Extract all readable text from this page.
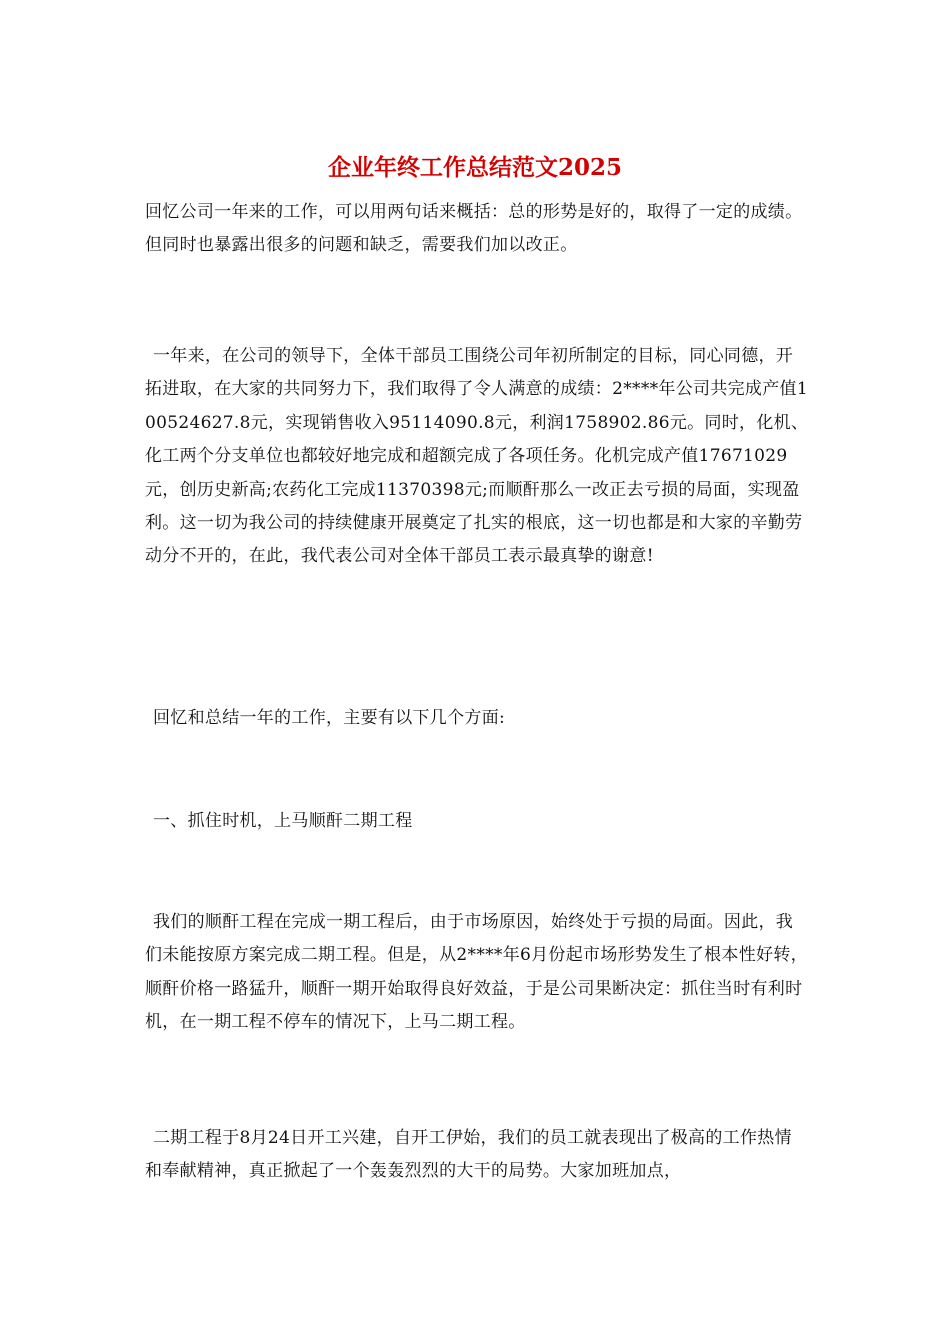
企业年终工作总结范文2025

回忆公司一年来的工作，可以用两句话来概括：总的形势是好的，取得了一定的成绩。但同时也暴露出很多的问题和缺乏，需要我们加以改正。

一年来，在公司的领导下，全体干部员工围绕公司年初所制定的目标，同心同德，开拓进取，在大家的共同努力下，我们取得了令人满意的成绩：2****年公司共完成产值100524627.8元，实现销售收入95114090.8元，利润1758902.86元。同时，化机、化工两个分支单位也都较好地完成和超额完成了各项任务。化机完成产值17671029元，创历史新高;农药化工完成11370398元;而顺酐那么一改正去亏损的局面，实现盈利。这一切为我公司的持续健康开展奠定了扎实的根底，这一切也都是和大家的辛勤劳动分不开的，在此，我代表公司对全体干部员工表示最真挚的谢意!

回忆和总结一年的工作，主要有以下几个方面:

一、抓住时机，上马顺酐二期工程

我们的顺酐工程在完成一期工程后，由于市场原因，始终处于亏损的局面。因此，我们未能按原方案完成二期工程。但是，从2****年6月份起市场形势发生了根本性好转，顺酐价格一路猛升，顺酐一期开始取得良好效益，于是公司果断决定：抓住当时有利时机，在一期工程不停车的情况下，上马二期工程。

二期工程于8月24日开工兴建，自开工伊始，我们的员工就表现出了极高的工作热情和奉献精神，真正掀起了一个轰轰烈烈的大干的局势。大家加班加点，
